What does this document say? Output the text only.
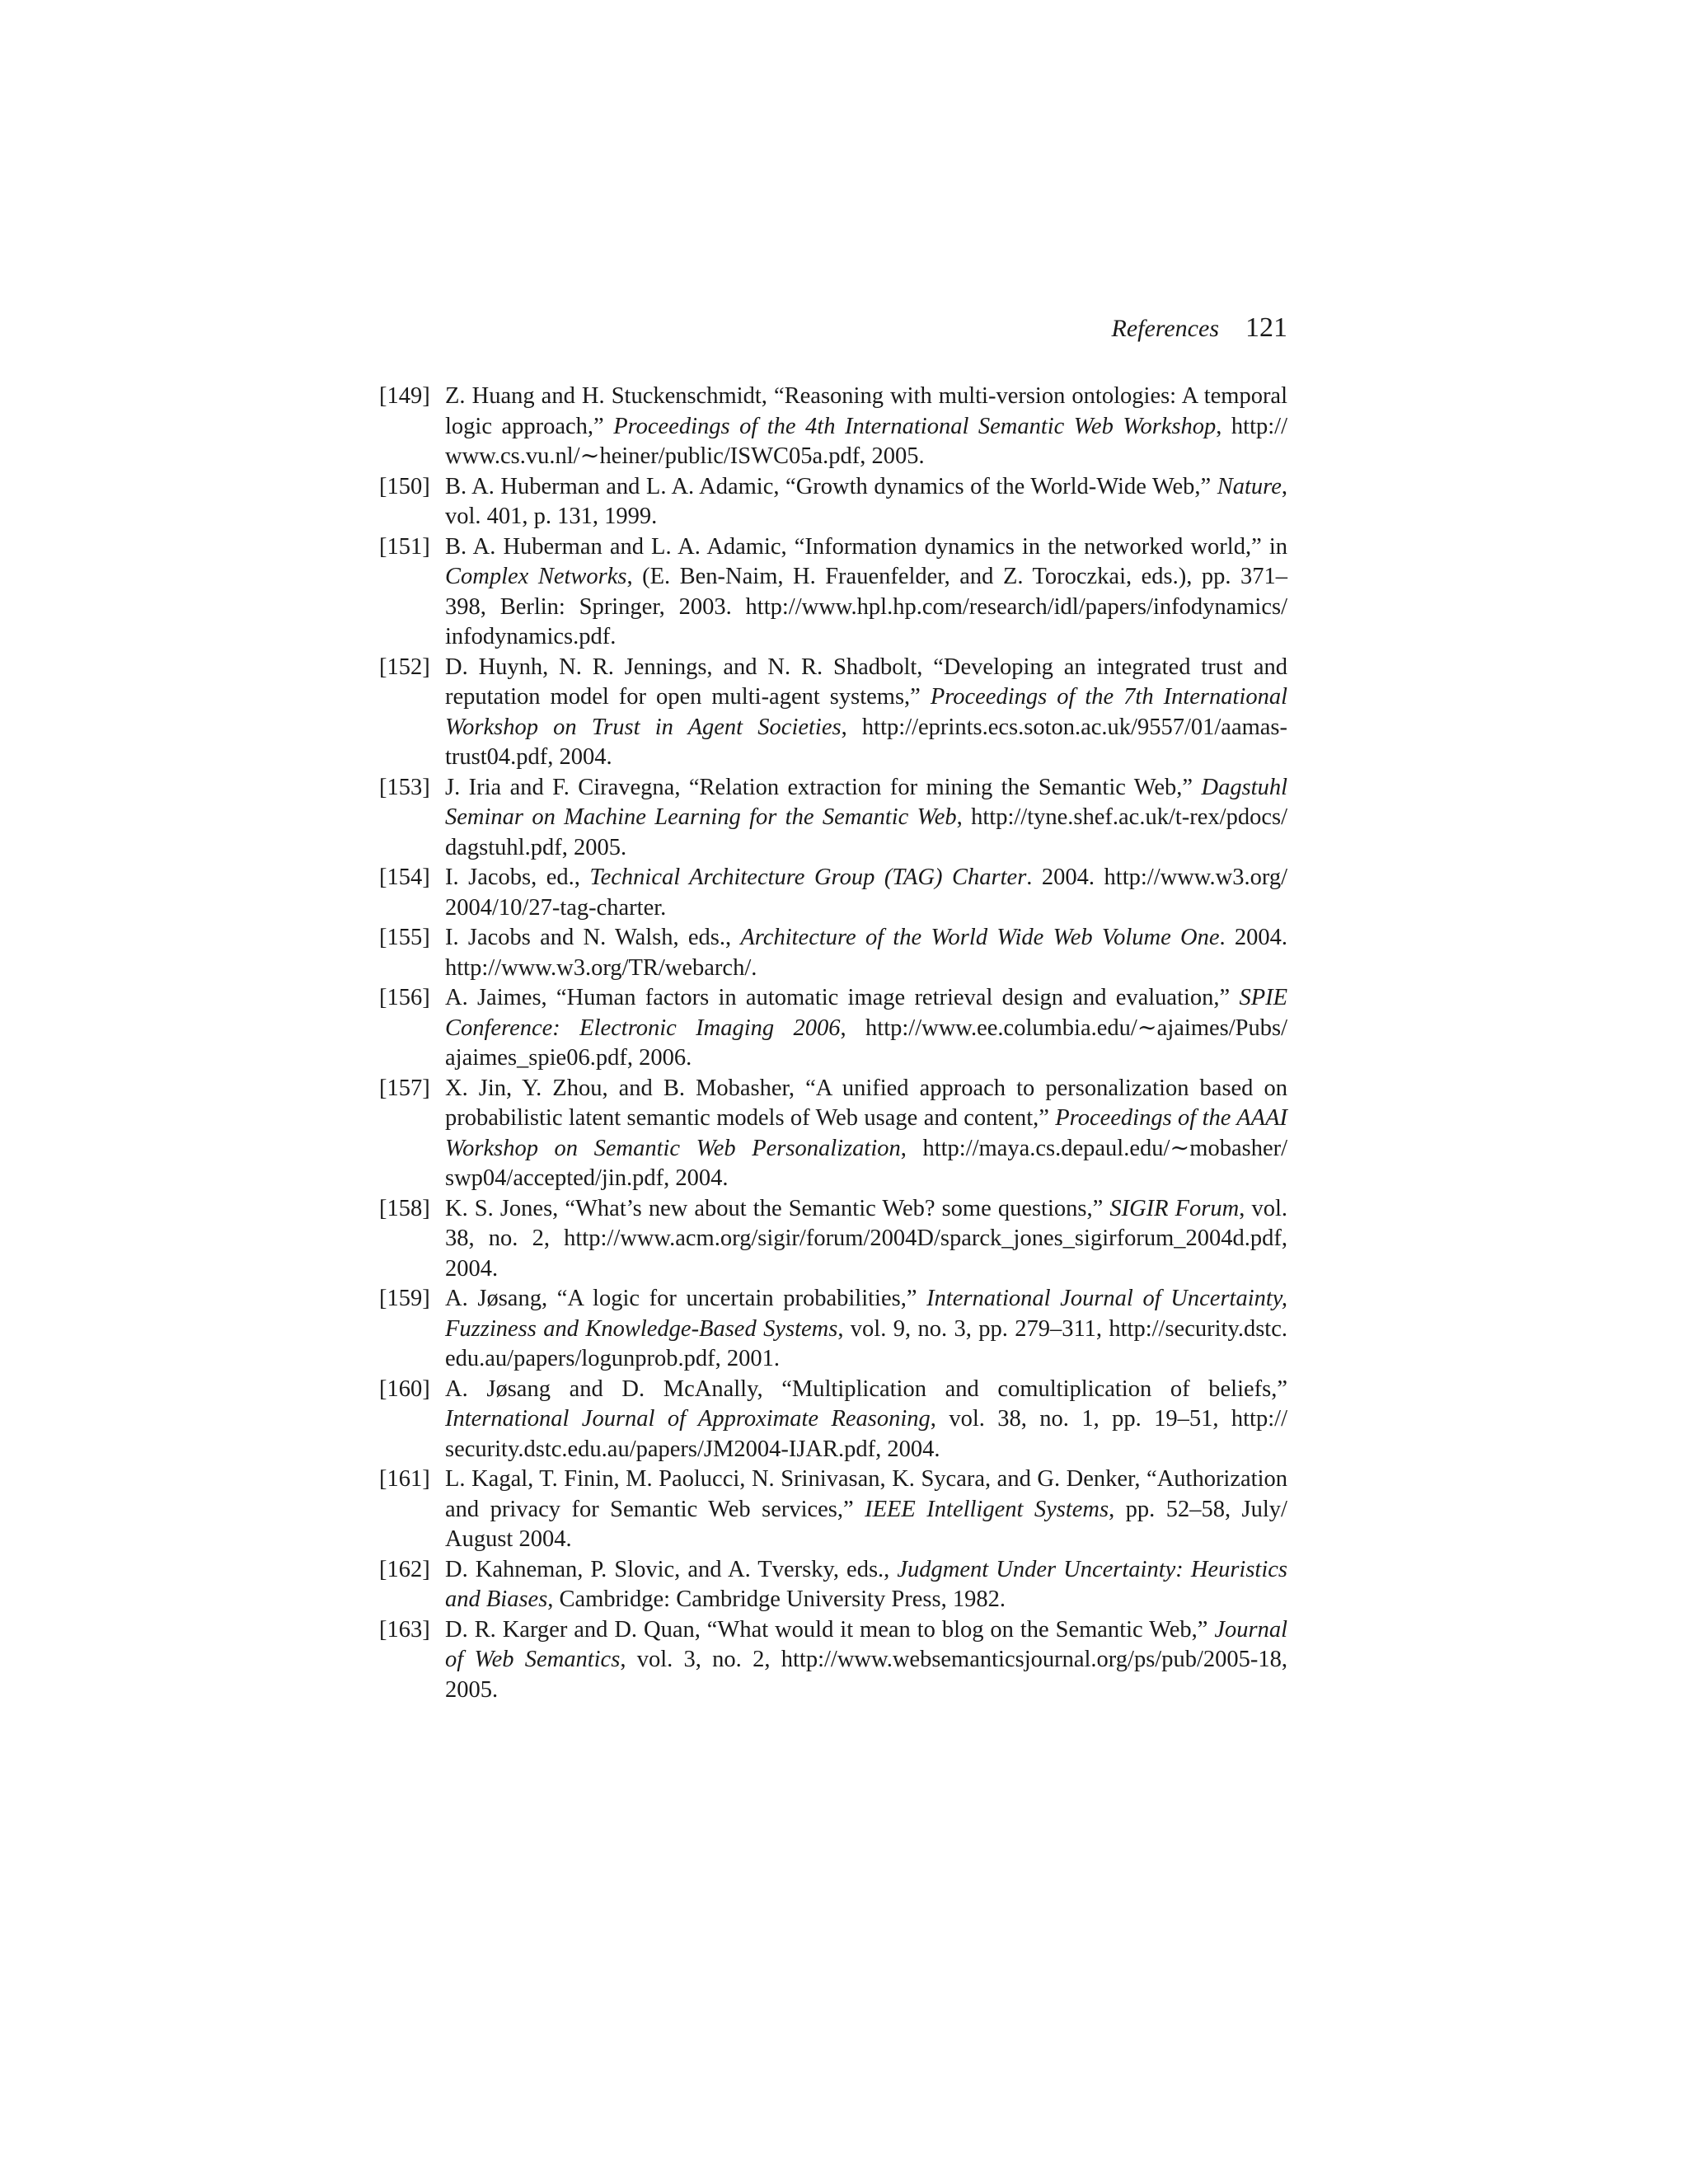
References 121
[149] Z. Huang and H. Stuckenschmidt, “Reasoning with multi-version ontologies: A temporal logic approach,” Proceedings of the 4th International Semantic Web Workshop, http:/​/​www.​cs.​vu.​nl/​∼heiner/​public/​ISWC05a.​pdf, 2005.
[150] B. A. Huberman and L. A. Adamic, “Growth dynamics of the World-Wide Web,” Nature, vol. 401, p. 131, 1999.
[151] B. A. Huberman and L. A. Adamic, “Information dynamics in the networked world,” in Complex Networks, (E. Ben-Naim, H. Frauenfelder, and Z. Toroczkai, eds.​), pp. 371–398, Berlin: Springer, 2003. http:/​/​www.​hpl.​hp.​com/​research/​idl/​papers/​infodynamics/​infodynamics.​pdf.
[152] D. Huynh, N. R. Jennings, and N. R. Shadbolt, “Developing an integrated trust and reputation model for open multi-agent systems,” Proceedings of the 7th International Workshop on Trust in Agent Societies, http:/​/​eprints.​ecs.​soton.​ac.​uk/​9557/​01/​aamas-trust04.​pdf, 2004.
[153] J. Iria and F. Ciravegna, “Relation extraction for mining the Semantic Web,” Dagstuhl Seminar on Machine Learning for the Semantic Web, http:/​/​tyne.​shef.​ac.​uk/​t-rex/​pdocs/​dagstuhl.​pdf, 2005.
[154] I. Jacobs, ed.​, Technical Architecture Group (TAG) Charter. 2004. http:/​/​www.​w3.​org/​2004/​10/​27-tag-charter.
[155] I. Jacobs and N. Walsh, eds.​, Architecture of the World Wide Web Volume One. 2004. http:/​/​www.​w3.​org/​TR/​webarch/​.
[156] A. Jaimes, “Human factors in automatic image retrieval design and evaluation,” SPIE Conference: Electronic Imaging 2006, http:/​/​www.​ee.​columbia.​edu/​∼ajaimes/​Pubs/​ajaimes_spie06.​pdf, 2006.
[157] X. Jin, Y. Zhou, and B. Mobasher, “A unified approach to personalization based on probabilistic latent semantic models of Web usage and content,” Proceedings of the AAAI Workshop on Semantic Web Personalization, http:/​/​maya.​cs.​depaul.​edu/​∼mobasher/​swp04/​accepted/​jin.​pdf, 2004.
[158] K. S. Jones, “What’s new about the Semantic Web? some questions,” SIGIR Forum, vol. 38, no. 2, http:/​/​www.​acm.​org/​sigir/​forum/​2004D/​sparck_jones_sigirforum_2004d.​pdf, 2004.
[159] A. Jøsang, “A logic for uncertain probabilities,” International Journal of Uncertainty, Fuzziness and Knowledge-Based Systems, vol. 9, no. 3, pp. 279–311, http:/​/​security.​dstc.​edu.​au/​papers/​logunprob.​pdf, 2001.
[160] A. Jøsang and D. McAnally, “Multiplication and comultiplication of beliefs,” International Journal of Approximate Reasoning, vol. 38, no. 1, pp. 19–51, http:/​/​security.​dstc.​edu.​au/​papers/​JM2004-IJAR.​pdf, 2004.
[161] L. Kagal, T. Finin, M. Paolucci, N. Srinivasan, K. Sycara, and G. Denker, “Authorization and privacy for Semantic Web services,” IEEE Intelligent Systems, pp. 52–58, July/​August 2004.
[162] D. Kahneman, P. Slovic, and A. Tversky, eds.​, Judgment Under Uncertainty: Heuristics and Biases, Cambridge: Cambridge University Press, 1982.
[163] D. R. Karger and D. Quan, “What would it mean to blog on the Semantic Web,” Journal of Web Semantics, vol. 3, no. 2, http:/​/​www.​websemanticsjournal.​org/​ps/​pub/​2005-18, 2005.
